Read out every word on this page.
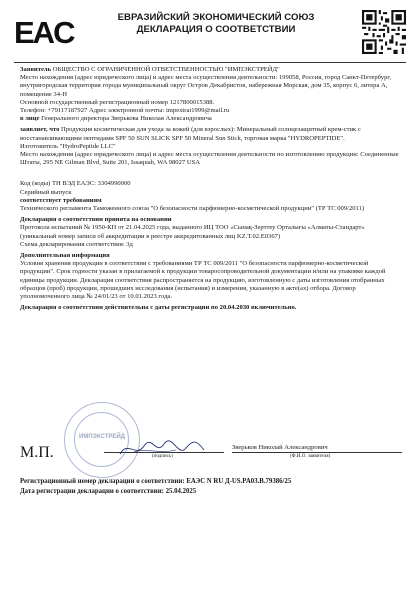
EAC	ЕВРАЗИЙСКИЙ ЭКОНОМИЧЕСКИЙ СОЮЗ
ДЕКЛАРАЦИЯ О СООТВЕТСТВИИ
Заявитель ОБЩЕСТВО С ОГРАНИЧЕННОЙ ОТВЕТСТВЕННОСТЬЮ "ИМПЭКСТРЕЙД"
Место нахождения (адрес юридического лица) и адрес места осуществления деятельности: 199058, Россия, город Санкт-Петербург, внутригородская территория города муниципальный округ Остров Декабристов, набережная Морская, дом 35, корпус 6, литера А, помещение 34-Н
Основной государственный регистрационный номер 1217800015388.
Телефон: +79117187927 Адрес электронной почты: impextrai1999@mail.ru
в лице Генерального директора Зверькова Николая Александровича
заявляет, что Продукция косметическая для ухода за кожей (для взрослых): Минеральный солнцезащитный крем-стик с восстанавливающими пептидами SPF 50 SUN SLICK SPF 50 Mineral Sun Stick, торговая марка "HYDROPEPTIDE".
Изготовитель "HydroPeptide LLC"
Место нахождения (адрес юридического лица) и адрес места осуществления деятельности по изготовлению продукции: Соединенные Штаты, 295 NE Gilman Blvd, Suite 201, Issaquah, WA 98027 USA
Код (коды) ТН ВЭД ЕАЭС: 3304990000
Серийный выпуск
соответствует требованиям
Технического регламента Таможенного союза "О безопасности парфюмерно-косметической продукции" (ТР ТС 009/2011)
Декларация о соответствии принята на основании
Протокола испытаний № 1950-КП от 21.04.2025 года, выданного ИЦ ТОО «Сынақ-Зерттеу Орталығы «Алматы-Стандарт» (уникальный номер записи об аккредитации в реестре аккредитованных лиц KZ.T.02.E0367)
Схема декларирования соответствия: 3д
Дополнительная информация
Условия хранения продукции в соответствии с требованиями ТР ТС 009/2011 "О безопасности парфюмерно-косметической продукции". Срок годности указан в прилагаемой к продукции товаросопроводительной документации и/или на упаковке каждой единицы продукции. Декларация соответствия распространяется на продукцию, изготовленную с даты изготовления отобранных образцов (проб) продукции, прошедших исследования (испытания) и измерения, указанную в акте(ах) отбора. Договор уполномоченного лица № 24/01/23 от 10.01.2023 года.
Декларация о соответствии действительна с даты регистрации по 20.04.2030 включительно.
ИМПЭКСТРЕЙД
М.П.	(подпись)
Зверьков Николай Александрович
(Ф.И.О. заявителя)
Регистрационный номер декларации о соответствии: ЕАЭС N RU Д-US.PA03.B.79386/25
Дата регистрации декларации о соответствии: 25.04.2025
